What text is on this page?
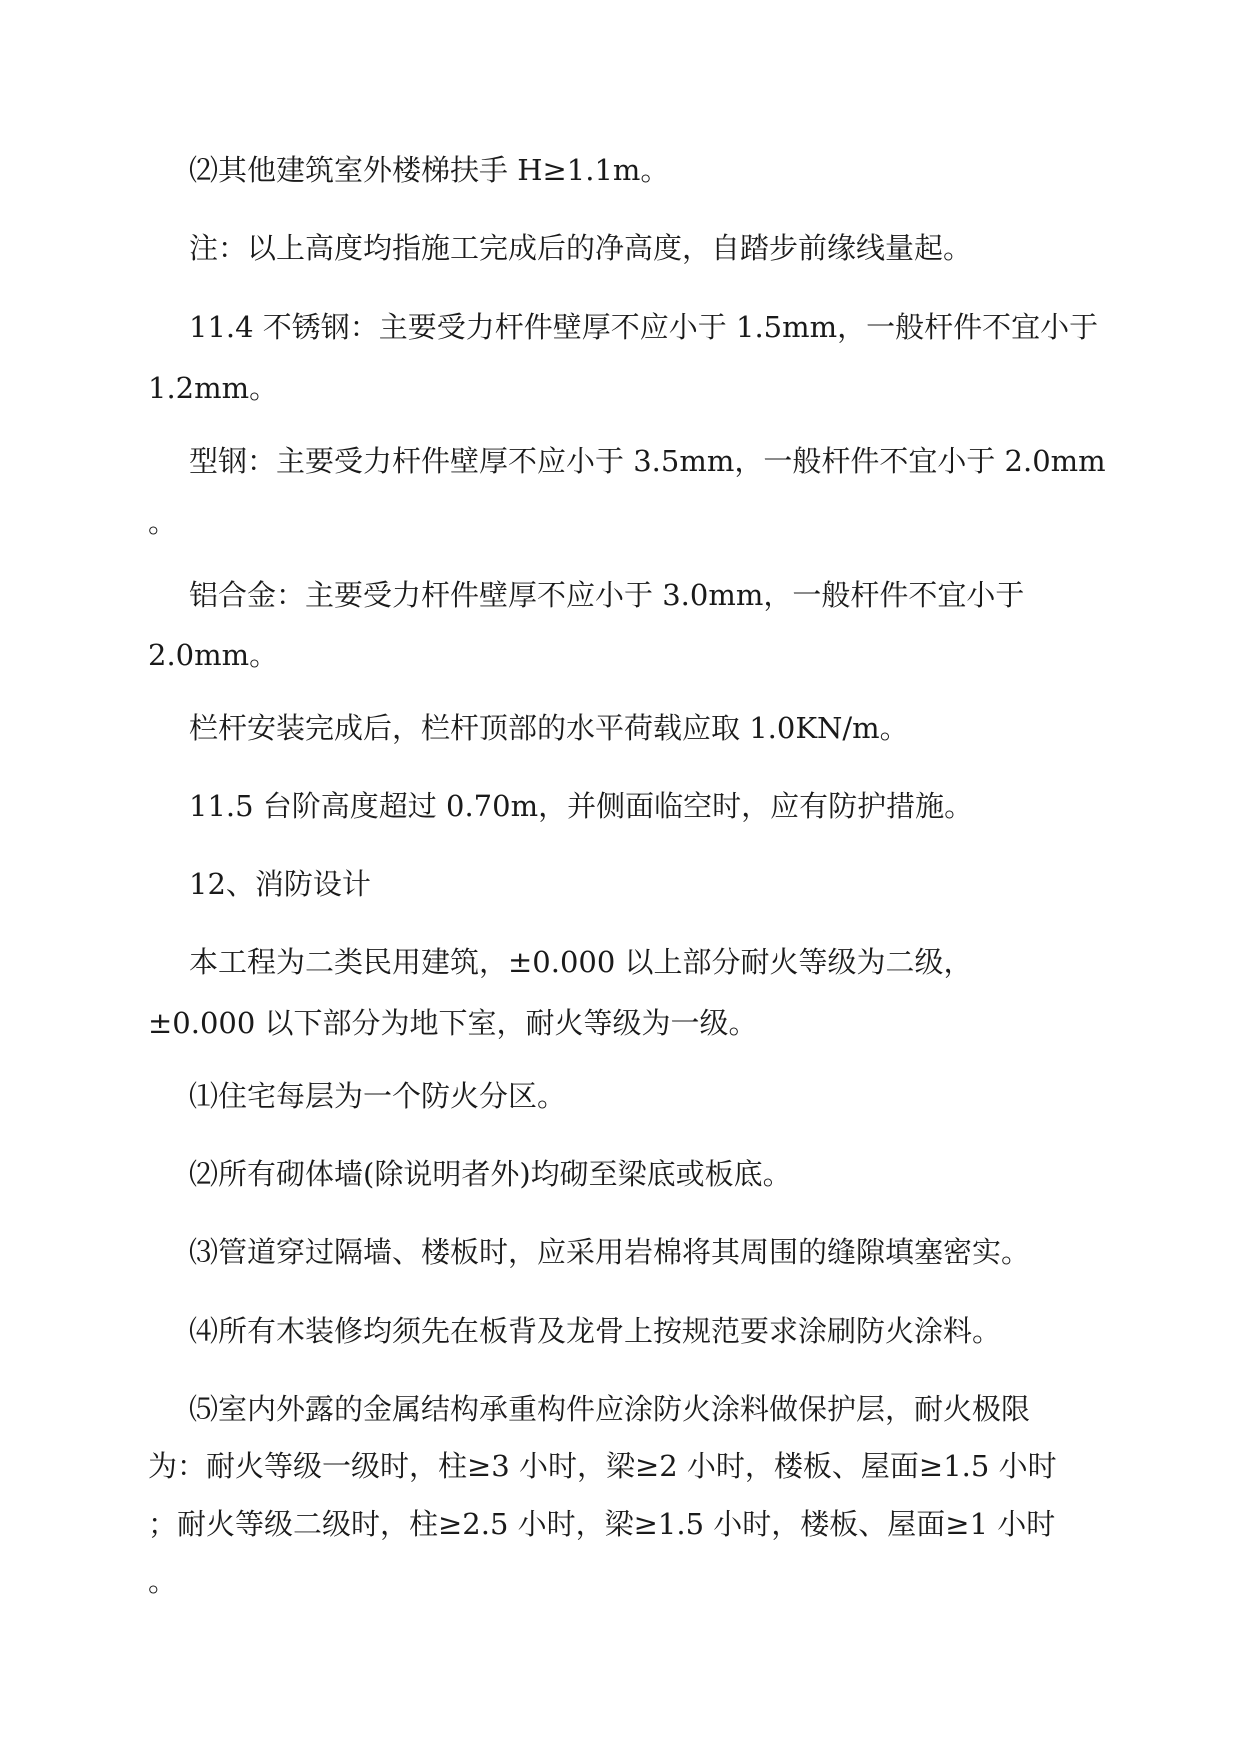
⑵其他建筑室外楼梯扶手 H≥1.1m。
注：以上高度均指施工完成后的净高度，自踏步前缘线量起。
11.4 不锈钢：主要受力杆件壁厚不应小于 1.5mm，一般杆件不宜小于
1.2mm。
型钢：主要受力杆件壁厚不应小于 3.5mm，一般杆件不宜小于 2.0mm
。
铝合金：主要受力杆件壁厚不应小于 3.0mm，一般杆件不宜小于
2.0mm。
栏杆安装完成后，栏杆顶部的水平荷载应取 1.0KN/m。
11.5 台阶高度超过 0.70m，并侧面临空时，应有防护措施。
12、消防设计
本工程为二类民用建筑，±0.000 以上部分耐火等级为二级，
±0.000 以下部分为地下室，耐火等级为一级。
⑴住宅每层为一个防火分区。
⑵所有砌体墙(除说明者外)均砌至梁底或板底。
⑶管道穿过隔墙、楼板时，应采用岩棉将其周围的缝隙填塞密实。
⑷所有木装修均须先在板背及龙骨上按规范要求涂刷防火涂料。
⑸室内外露的金属结构承重构件应涂防火涂料做保护层，耐火极限
为：耐火等级一级时，柱≥3 小时，梁≥2 小时，楼板、屋面≥1.5 小时
；耐火等级二级时，柱≥2.5 小时，梁≥1.5 小时，楼板、屋面≥1 小时
。
